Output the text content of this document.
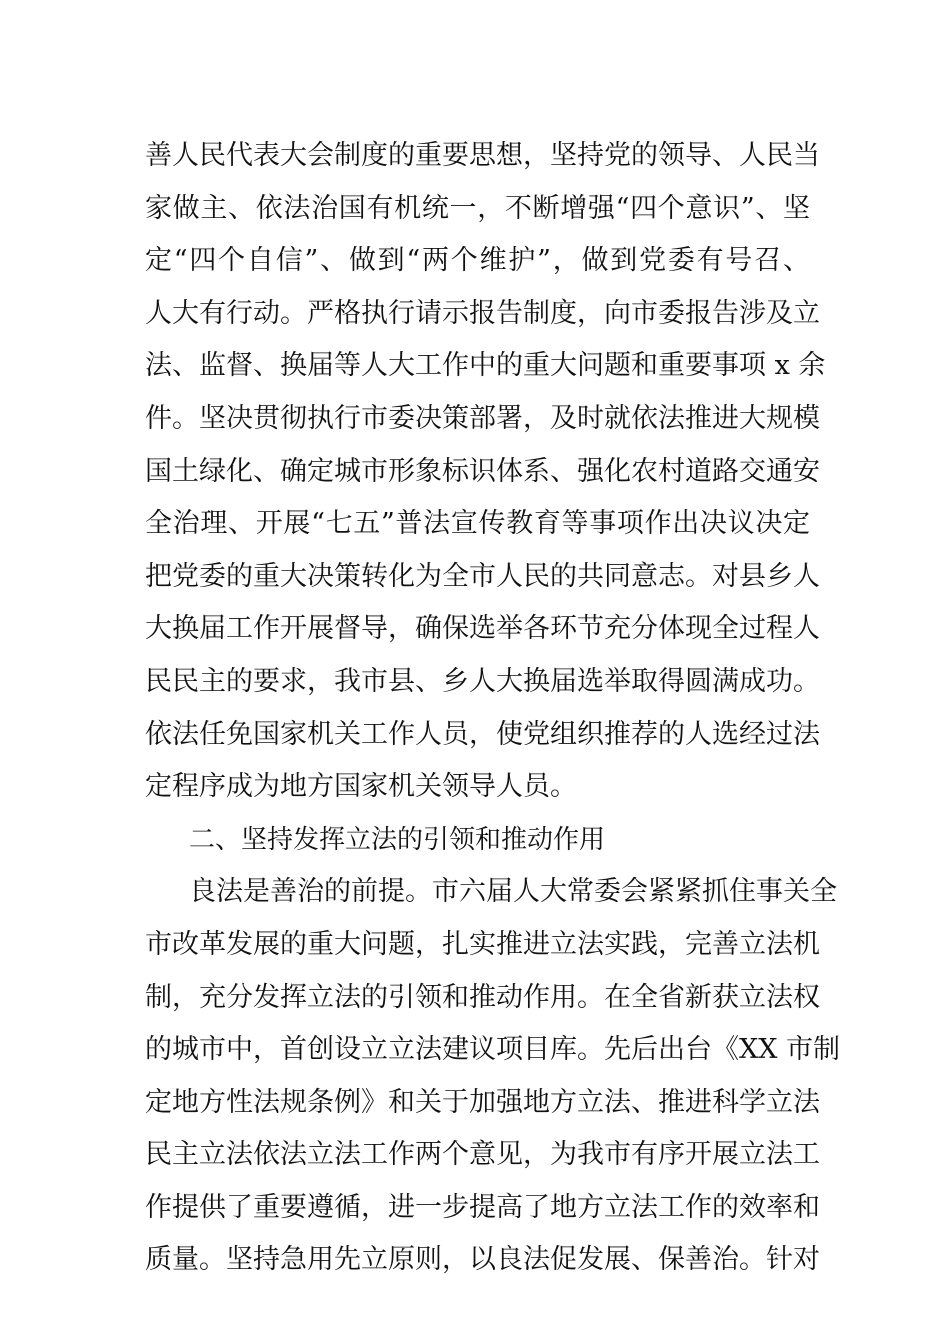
善人民代表大会制度的重要思想，坚持党的领导、人民当
家做主、依法治国有机统一，不断增强“四个意识”、坚
定“四个自信”、做到“两个维护”，做到党委有号召、
人大有行动。严格执行请示报告制度，向市委报告涉及立
法、监督、换届等人大工作中的重大问题和重要事项 x 余
件。坚决贯彻执行市委决策部署，及时就依法推进大规模
国土绿化、确定城市形象标识体系、强化农村道路交通安
全治理、开展“七五”普法宣传教育等事项作出决议决定
把党委的重大决策转化为全市人民的共同意志。对县乡人
大换届工作开展督导，确保选举各环节充分体现全过程人
民民主的要求，我市县、乡人大换届选举取得圆满成功。
依法任免国家机关工作人员，使党组织推荐的人选经过法
定程序成为地方国家机关领导人员。
二、坚持发挥立法的引领和推动作用
良法是善治的前提。市六届人大常委会紧紧抓住事关全
市改革发展的重大问题，扎实推进立法实践，完善立法机
制，充分发挥立法的引领和推动作用。在全省新获立法权
的城市中，首创设立立法建议项目库。先后出台《XX 市制
定地方性法规条例》和关于加强地方立法、推进科学立法
民主立法依法立法工作两个意见，为我市有序开展立法工
作提供了重要遵循，进一步提高了地方立法工作的效率和
质量。坚持急用先立原则，以良法促发展、保善治。针对
